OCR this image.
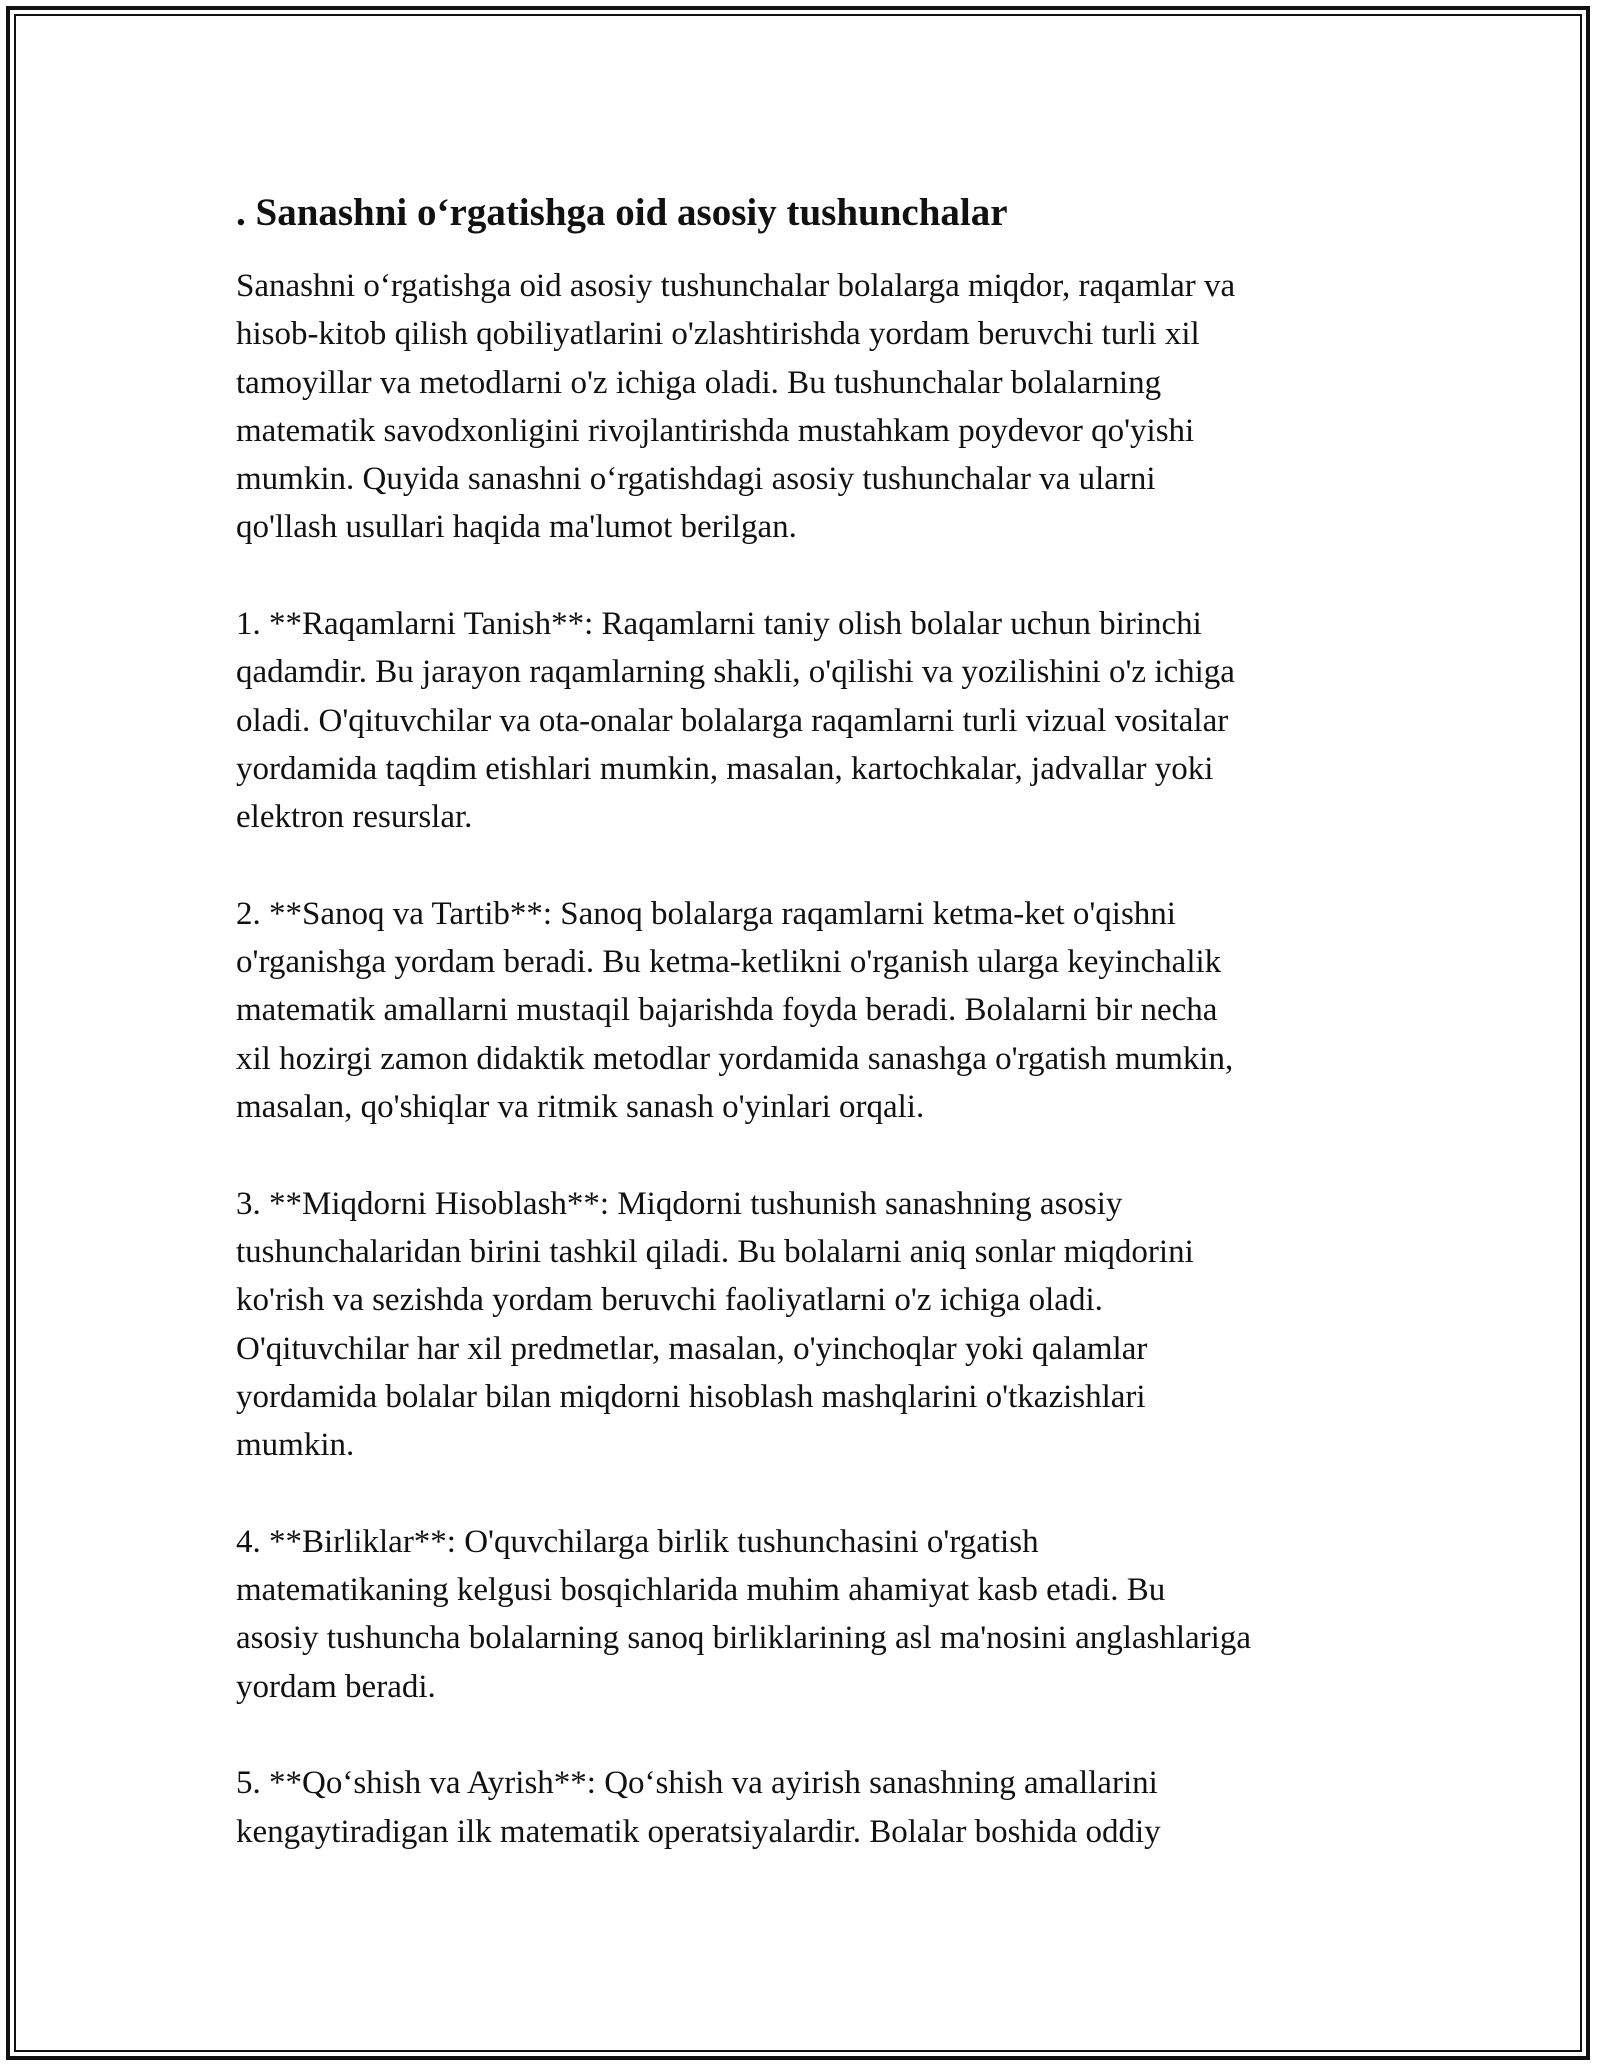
. Sanashni o‘rgatishga oid asosiy tushunchalar

Sanashni o‘rgatishga oid asosiy tushunchalar bolalarga miqdor, raqamlar va
hisob-kitob qilish qobiliyatlarini o'zlashtirishda yordam beruvchi turli xil
tamoyillar va metodlarni o'z ichiga oladi. Bu tushunchalar bolalarning
matematik savodxonligini rivojlantirishda mustahkam poydevor qo'yishi
mumkin. Quyida sanashni o‘rgatishdagi asosiy tushunchalar va ularni
qo'llash usullari haqida ma'lumot berilgan.

1. **Raqamlarni Tanish**: Raqamlarni taniy olish bolalar uchun birinchi
qadamdir. Bu jarayon raqamlarning shakli, o'qilishi va yozilishini o'z ichiga
oladi. O'qituvchilar va ota-onalar bolalarga raqamlarni turli vizual vositalar
yordamida taqdim etishlari mumkin, masalan, kartochkalar, jadvallar yoki
elektron resurslar.

2. **Sanoq va Tartib**: Sanoq bolalarga raqamlarni ketma-ket o'qishni
o'rganishga yordam beradi. Bu ketma-ketlikni o'rganish ularga keyinchalik
matematik amallarni mustaqil bajarishda foyda beradi. Bolalarni bir necha
xil hozirgi zamon didaktik metodlar yordamida sanashga o'rgatish mumkin,
masalan, qo'shiqlar va ritmik sanash o'yinlari orqali.

3. **Miqdorni Hisoblash**: Miqdorni tushunish sanashning asosiy
tushunchalaridan birini tashkil qiladi. Bu bolalarni aniq sonlar miqdorini
ko'rish va sezishda yordam beruvchi faoliyatlarni o'z ichiga oladi.
O'qituvchilar har xil predmetlar, masalan, o'yinchoqlar yoki qalamlar
yordamida bolalar bilan miqdorni hisoblash mashqlarini o'tkazishlari
mumkin.

4. **Birliklar**: O'quvchilarga birlik tushunchasini o'rgatish
matematikaning kelgusi bosqichlarida muhim ahamiyat kasb etadi. Bu
asosiy tushuncha bolalarning sanoq birliklarining asl ma'nosini anglashlariga
yordam beradi.

5. **Qo‘shish va Ayrish**: Qo‘shish va ayirish sanashning amallarini
kengaytiradigan ilk matematik operatsiyalardir. Bolalar boshida oddiy
